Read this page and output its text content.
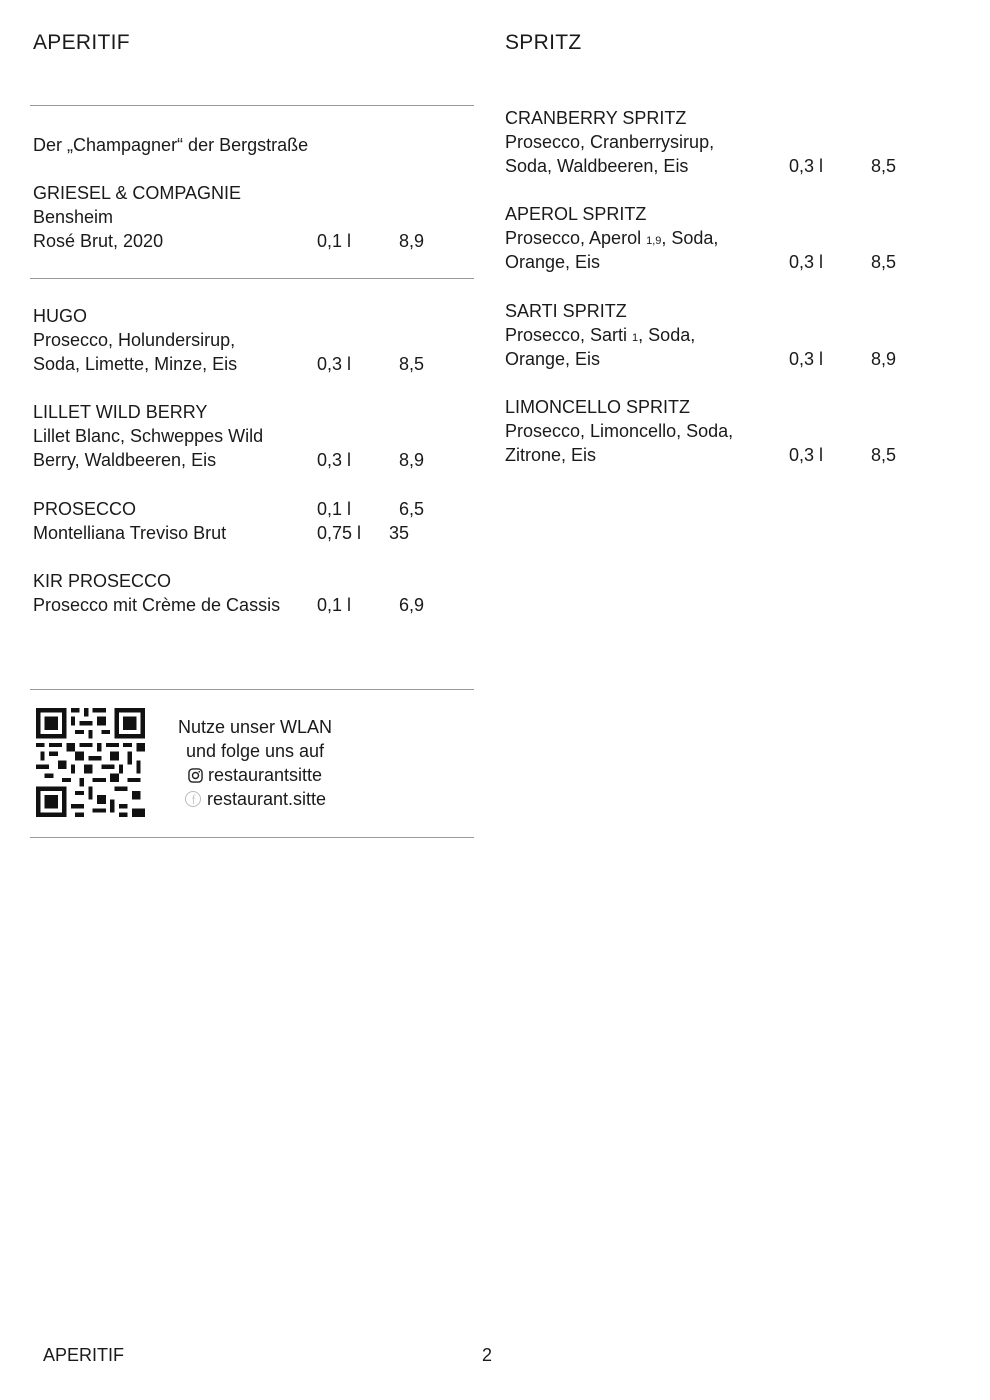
APERITIF
Der „Champagner“ der Bergstraße
GRIESEL & COMPAGNIE
Bensheim
Rosé Brut, 2020	0,1 l	8,9
HUGO
Prosecco, Holundersirup,
Soda, Limette, Minze, Eis	0,3 l	8,5
LILLET WILD BERRY
Lillet Blanc, Schweppes Wild
Berry, Waldbeeren, Eis	0,3 l	8,9
PROSECCO	0,1 l	6,5
Montelliana Treviso Brut	0,75 l 35
KIR PROSECCO
Prosecco mit Crème de Cassis 0,1 l	6,9
Nutze unser WLAN
und folge uns auf
restaurantsitte
restaurant.sitte
SPRITZ
CRANBERRY SPRITZ
Prosecco, Cranberrysirup,
Soda, Waldbeeren, Eis	0,3 l	8,5
APEROL SPRITZ
Prosecco, Aperol 1,9, Soda,
Orange, Eis	0,3 l	8,5
SARTI SPRITZ
Prosecco, Sarti 1, Soda,
Orange, Eis	0,3 l	8,9
LIMONCELLO SPRITZ
Prosecco, Limoncello, Soda,
Zitrone, Eis	0,3 l	8,5
APERITIF	2
